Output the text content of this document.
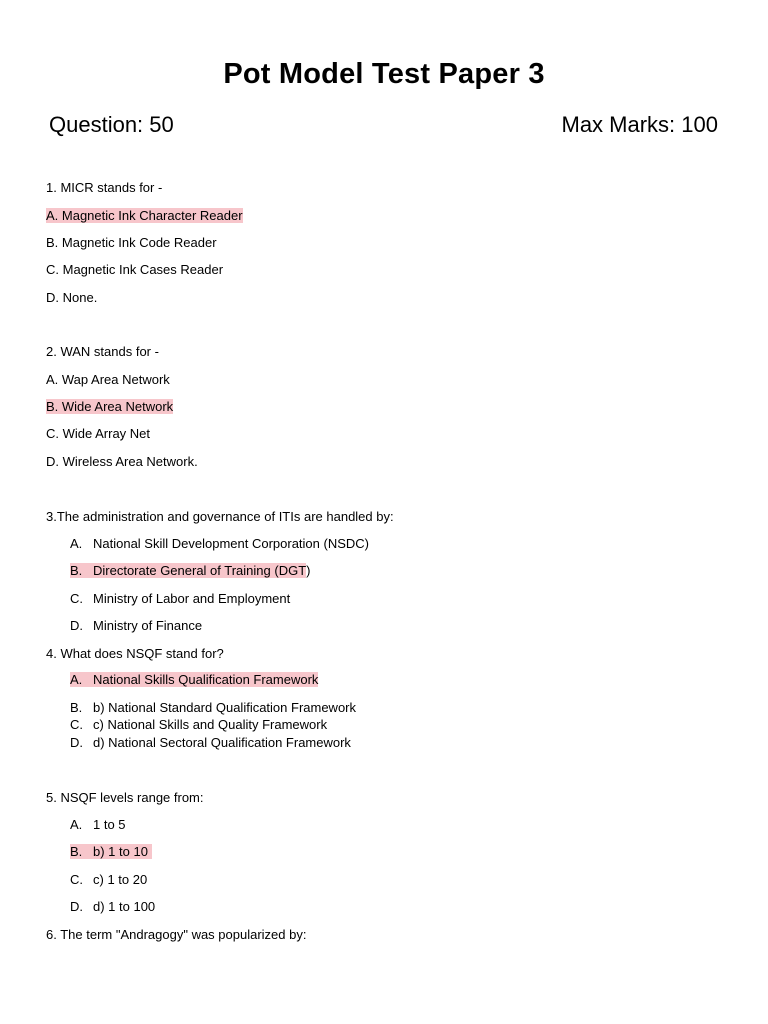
Pot Model Test Paper 3
Question: 50	Max Marks: 100
1. MICR stands for -
A. Magnetic Ink Character Reader
B. Magnetic Ink Code Reader
C. Magnetic Ink Cases Reader
D. None.
2. WAN stands for -
A. Wap Area Network
B. Wide Area Network
C. Wide Array Net
D. Wireless Area Network.
3.The administration and governance of ITIs are handled by:
A. National Skill Development Corporation (NSDC)
B. Directorate General of Training (DGT)
C. Ministry of Labor and Employment
D. Ministry of Finance
4. What does NSQF stand for?
A. National Skills Qualification Framework
B. b) National Standard Qualification Framework
C. c) National Skills and Quality Framework
D. d) National Sectoral Qualification Framework
5. NSQF levels range from:
A. 1 to 5
B. b) 1 to 10
C. c) 1 to 20
D. d) 1 to 100
6. The term "Andragogy" was popularized by:
